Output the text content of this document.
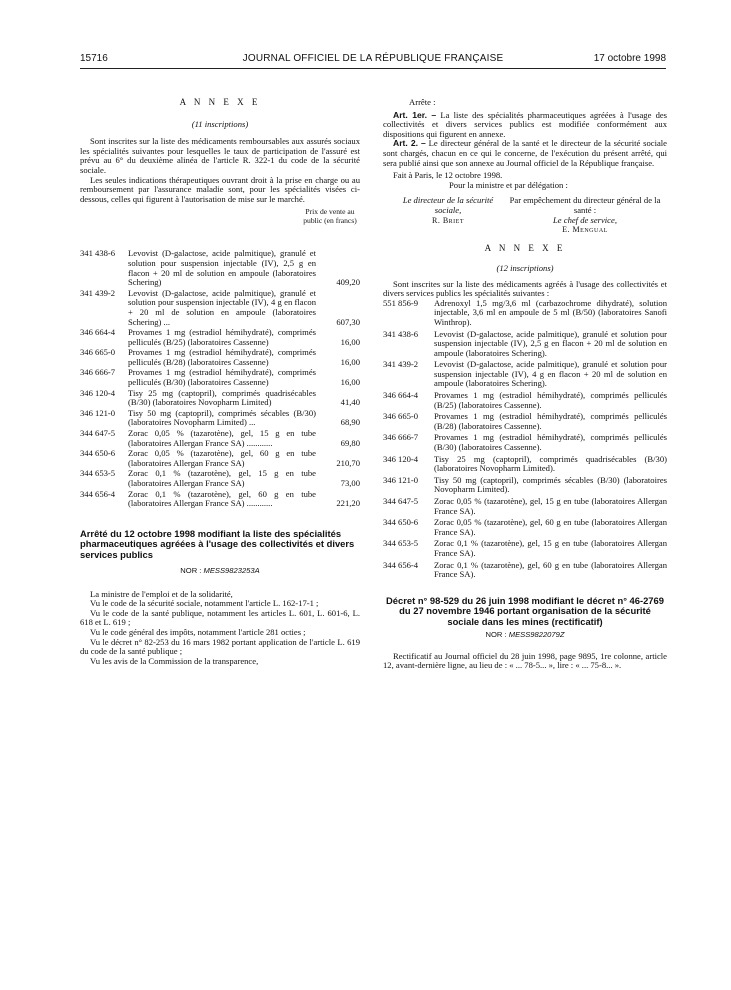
15716	JOURNAL OFFICIEL DE LA RÉPUBLIQUE FRANÇAISE	17 octobre 1998

A N N E X E

(11 inscriptions)

Sont inscrites sur la liste des médicaments remboursables aux assurés sociaux les spécialités suivantes pour lesquelles le taux de participation de l'assuré est prévu au 6° du deuxième alinéa de l'article R. 322-1 du code de la sécurité sociale.

Les seules indications thérapeutiques ouvrant droit à la prise en charge ou au remboursement par l'assurance maladie sont, pour les spécialités visées ci-dessous, celles qui figurent à l'autorisation de mise sur le marché.

Prix de vente au public (en francs)
341 438-6	Levovist (D-galactose, acide palmitique), granulé et solution pour suspension injectable (IV), 2,5 g en flacon + 20 ml de solution en ampoule (laboratoires Schering)	409,20
341 439-2	Levovist (D-galactose, acide palmitique), granulé et solution pour suspension injectable (IV), 4 g en flacon + 20 ml de solution en ampoule (laboratoires Schering) ...	607,30
346 664-4	Provames 1 mg (estradiol hémihydraté), comprimés pelliculés (B/25) (laboratoires Cassenne)	16,00
346 665-0	Provames 1 mg (estradiol hémihydraté), comprimés pelliculés (B/28) (laboratoires Cassenne)	16,00
346 666-7	Provames 1 mg (estradiol hémihydraté), comprimés pelliculés (B/30) (laboratoires Cassenne)	16,00
346 120-4	Tisy 25 mg (captopril), comprimés quadrisécables (B/30) (laboratoires Novopharm Limited)	41,40
346 121-0	Tisy 50 mg (captopril), comprimés sécables (B/30) (laboratoires Novopharm Limited) ...	68,90
344 647-5	Zorac 0,05 % (tazarotène), gel, 15 g en tube (laboratoires Allergan France SA) ............	69,80
344 650-6	Zorac 0,05 % (tazarotène), gel, 60 g en tube (laboratoires Allergan France SA)	210,70
344 653-5	Zorac 0,1 % (tazarotène), gel, 15 g en tube (laboratoires Allergan France SA)	73,00
344 656-4	Zorac 0,1 % (tazarotène), gel, 60 g en tube (laboratoires Allergan France SA) ............	221,20

Arrêté du 12 octobre 1998 modifiant la liste des spécialités pharmaceutiques agréées à l'usage des collectivités et divers services publics

NOR : MESS9823253A

La ministre de l'emploi et de la solidarité,

Vu le code de la sécurité sociale, notamment l'article L. 162-17-1 ;

Vu le code de la santé publique, notamment les articles L. 601, L. 601-6, L. 618 et L. 619 ;

Vu le code général des impôts, notamment l'article 281 octies ;

Vu le décret n° 82-253 du 16 mars 1982 portant application de l'article L. 619 du code de la santé publique ;

Vu les avis de la Commission de la transparence,

Arrête :

Art. 1er. – La liste des spécialités pharmaceutiques agréées à l'usage des collectivités et divers services publics est modifiée conformément aux dispositions qui figurent en annexe.

Art. 2. – Le directeur général de la santé et le directeur de la sécurité sociale sont chargés, chacun en ce qui le concerne, de l'exécution du présent arrêté, qui sera publié ainsi que son annexe au Journal officiel de la République française.

Fait à Paris, le 12 octobre 1998.

Pour la ministre et par délégation :

Le directeur de la sécurité sociale,

R. Briet

Par empêchement du directeur général de la santé :

Le chef de service,

E. Mengual

A N N E X E

(12 inscriptions)

Sont inscrites sur la liste des médicaments agréés à l'usage des collectivités et divers services publics les spécialités suivantes :

551 856-9	Adrenoxyl 1,5 mg/3,6 ml (carbazochrome dihydraté), solution injectable, 3,6 ml en ampoule de 5 ml (B/50) (laboratoires Sanofi Winthrop).
341 438-6	Levovist (D-galactose, acide palmitique), granulé et solution pour suspension injectable (IV), 2,5 g en flacon + 20 ml de solution en ampoule (laboratoires Schering).
341 439-2	Levovist (D-galactose, acide palmitique), granulé et solution pour suspension injectable (IV), 4 g en flacon + 20 ml de solution en ampoule (laboratoires Schering).
346 664-4	Provames 1 mg (estradiol hémihydraté), comprimés pelliculés (B/25) (laboratoires Cassenne).
346 665-0	Provames 1 mg (estradiol hémihydraté), comprimés pelliculés (B/28) (laboratoires Cassenne).
346 666-7	Provames 1 mg (estradiol hémihydraté), comprimés pelliculés (B/30) (laboratoires Cassenne).
346 120-4	Tisy 25 mg (captopril), comprimés quadrisécables (B/30) (laboratoires Novopharm Limited).
346 121-0	Tisy 50 mg (captopril), comprimés sécables (B/30) (laboratoires Novopharm Limited).
344 647-5	Zorac 0,05 % (tazarotène), gel, 15 g en tube (laboratoires Allergan France SA).
344 650-6	Zorac 0,05 % (tazarotène), gel, 60 g en tube (laboratoires Allergan France SA).
344 653-5	Zorac 0,1 % (tazarotène), gel, 15 g en tube (laboratoires Allergan France SA).
344 656-4	Zorac 0,1 % (tazarotène), gel, 60 g en tube (laboratoires Allergan France SA).

Décret n° 98-529 du 26 juin 1998 modifiant le décret n° 46-2769 du 27 novembre 1946 portant organisation de la sécurité sociale dans les mines (rectificatif)

NOR : MESS9822079Z

Rectificatif au Journal officiel du 28 juin 1998, page 9895, 1re colonne, article 12, avant-dernière ligne, au lieu de : « ... 78-5... », lire : « ... 75-8... ».
